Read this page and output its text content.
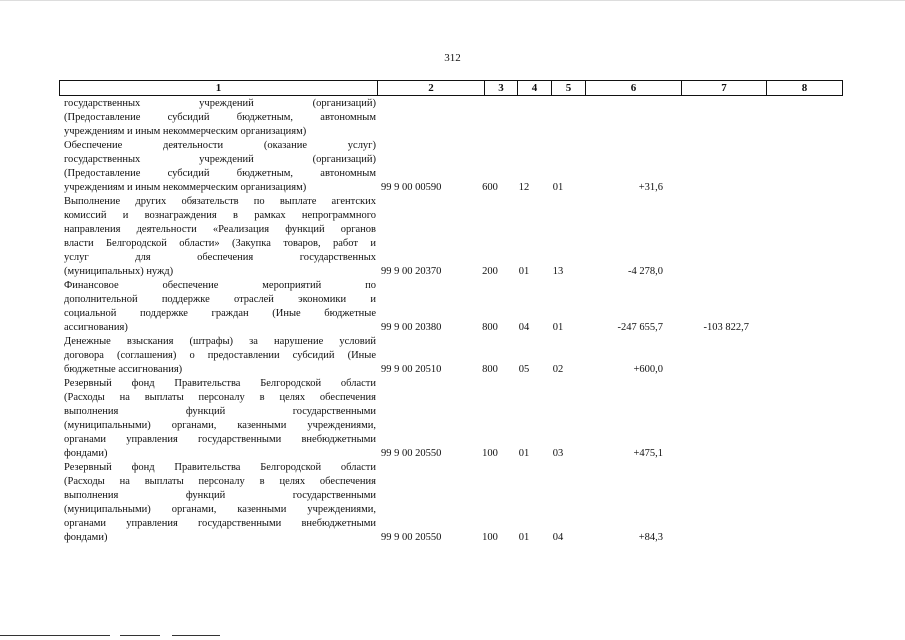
312
1	2	3	4	5	6	7	8
государственных учреждений (организаций)
(Предоставление субсидий бюджетным, автономным
учреждениям и иным некоммерческим организациям)
Обеспечение деятельности (оказание услуг)
государственных учреждений (организаций)
(Предоставление субсидий бюджетным, автономным
учреждениям и иным некоммерческим организациям)	99 9 00 00590	600	12	01	+31,6
Выполнение других обязательств по выплате агентских
комиссий и вознаграждения в рамках непрограммного
направления деятельности «Реализация функций органов
власти Белгородской области» (Закупка товаров, работ и
услуг для обеспечения государственных
(муниципальных) нужд)	99 9 00 20370	200	01	13	-4 278,0
Финансовое обеспечение мероприятий по
дополнительной поддержке отраслей экономики и
социальной поддержке граждан (Иные бюджетные
ассигнования)	99 9 00 20380	800	04	01	-247 655,7	-103 822,7
Денежные взыскания (штрафы) за нарушение условий
договора (соглашения) о предоставлении субсидий (Иные
бюджетные ассигнования)	99 9 00 20510	800	05	02	+600,0
Резервный фонд Правительства Белгородской области
(Расходы на выплаты персоналу в целях обеспечения
выполнения функций государственными
(муниципальными) органами, казенными учреждениями,
органами управления государственными внебюджетными
фондами)	99 9 00 20550	100	01	03	+475,1
Резервный фонд Правительства Белгородской области
(Расходы на выплаты персоналу в целях обеспечения
выполнения функций государственными
(муниципальными) органами, казенными учреждениями,
органами управления государственными внебюджетными
фондами)	99 9 00 20550	100	01	04	+84,3
